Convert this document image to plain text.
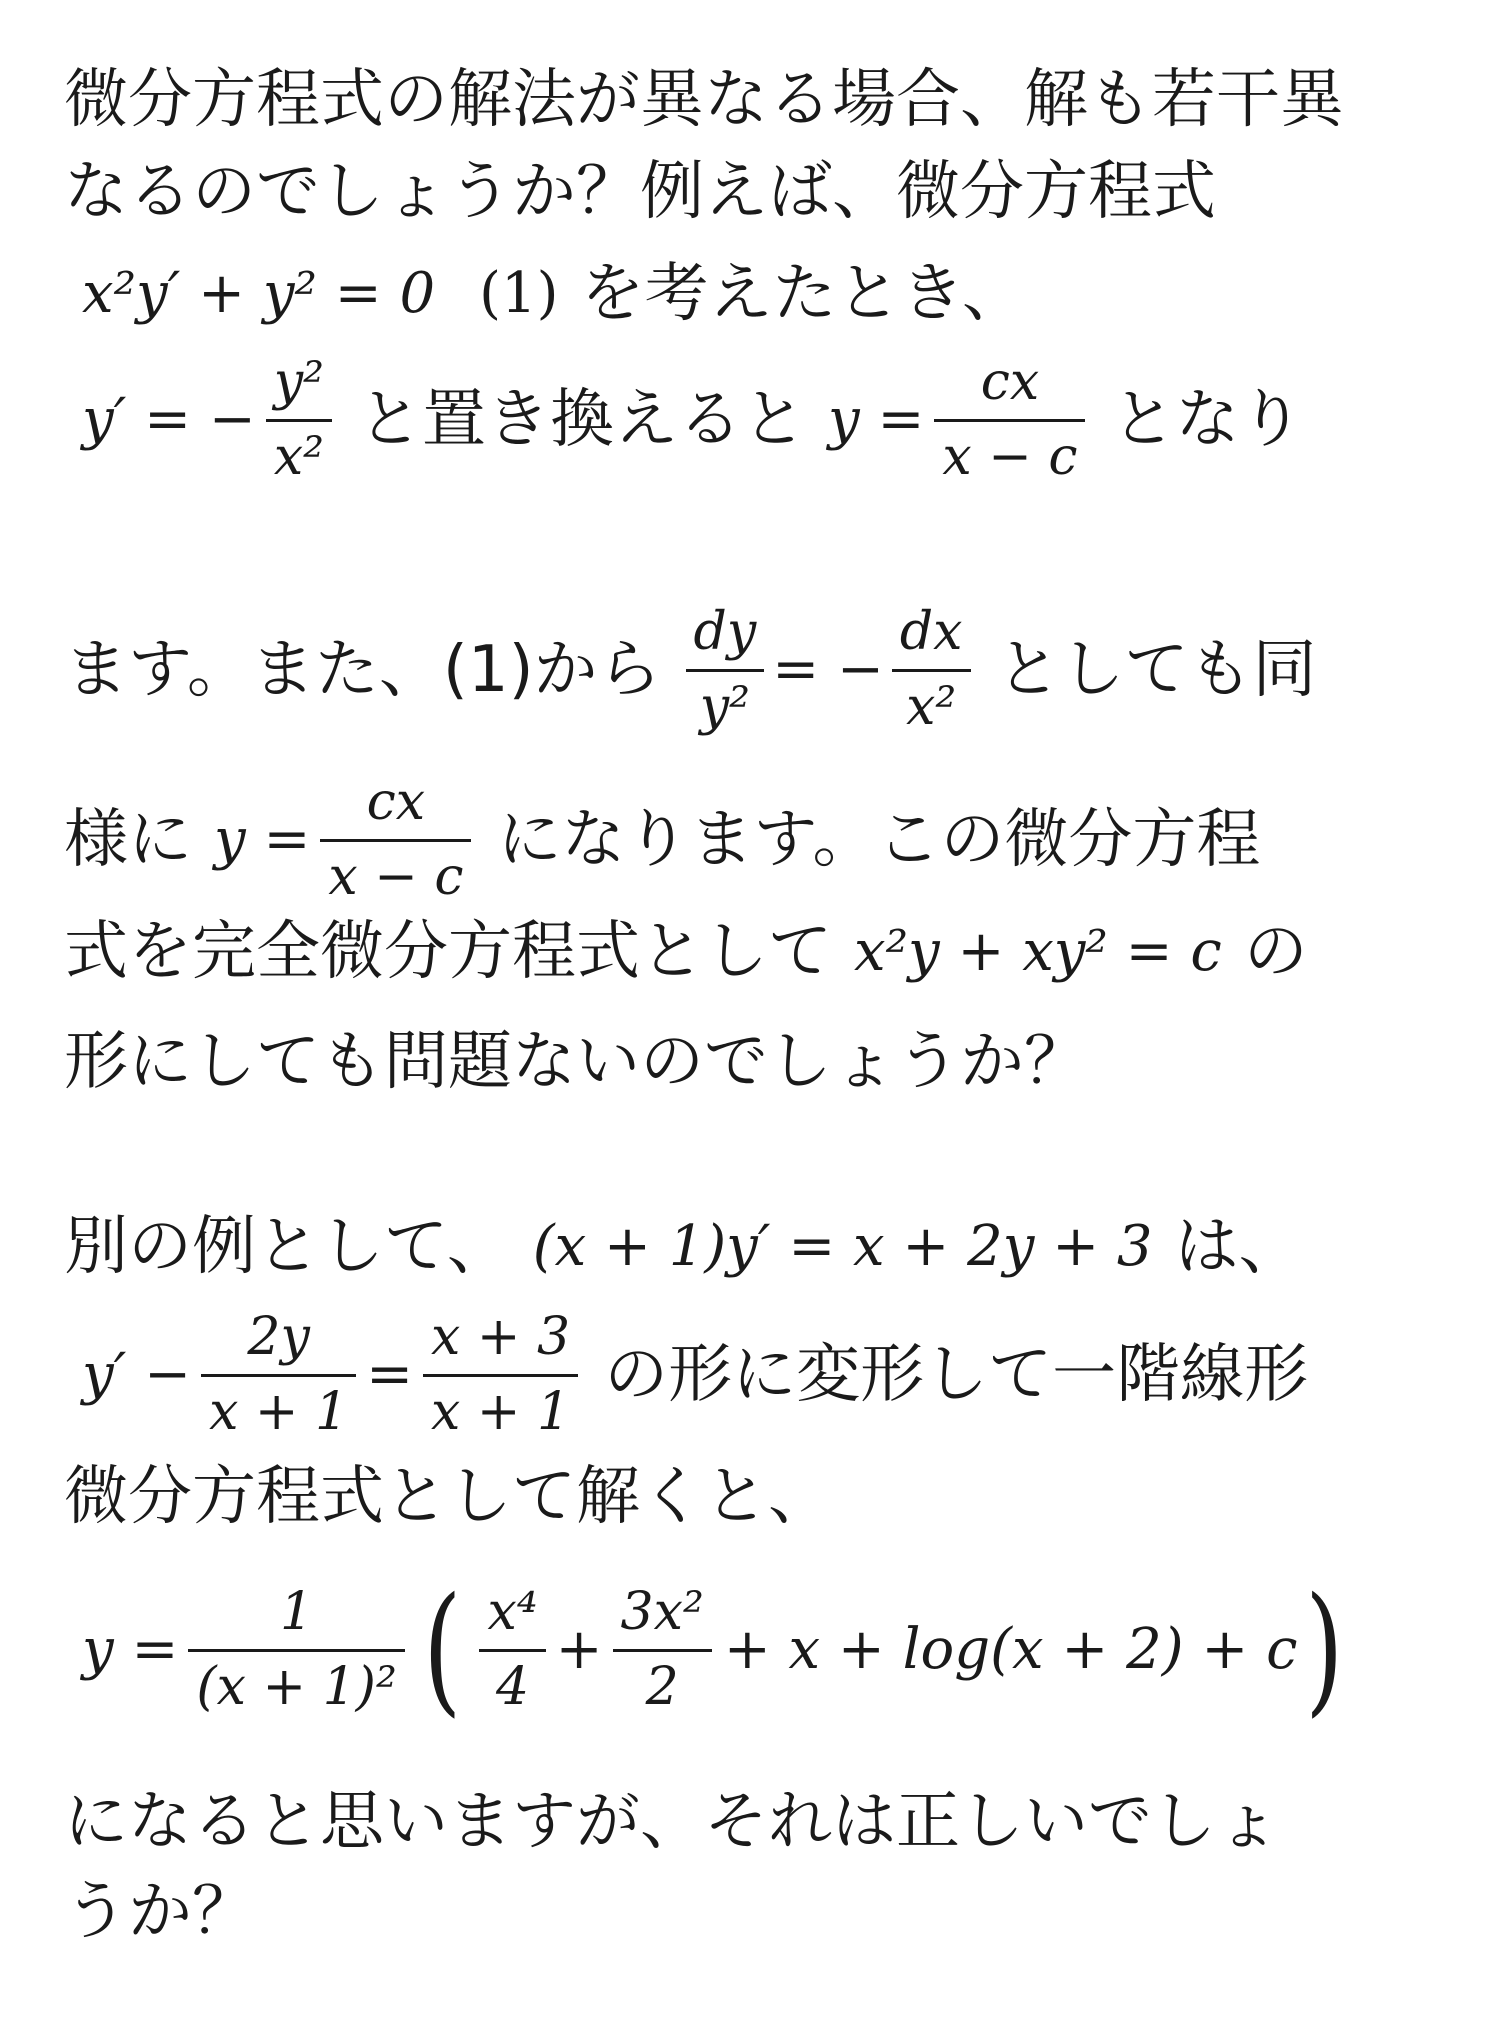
微分方程式の解法が異なる場合、解も若干異
なるのでしょうか？例えば、微分方程式
x²y′ + y² = 0 (1) を考えたとき、
y′ = − $\frac{\text{y²}}{\text{x²}}$ と置き換えると $y = \frac{cx}{x - c}$ となり
ます。また、(1)から $\frac{dy}{\text{y²}}$ = − $\frac{dx}{\text{x²}}$ としても同
様に $y = \frac{cx}{x - c}$ になります。この微分方程
式を完全微分方程式として x²y + xy² = c の
形にしても問題ないのでしょうか？
別の例として、 (x + 1)y′ = x + 2y + 3 は、
$y' - \frac{2y}{x + 1} = \frac{x + 3}{x + 1}$ の形に変形して一階線形
微分方程式として解くと、
$y = \frac{1}{\text{(x + 1)²}}$ ( $\frac{\text{x⁴}}{4} + \frac{\text{3x²}}{2} + x + \log(x + 2) + c$ )
になると思いますが、それは正しいでしょ
うか？
